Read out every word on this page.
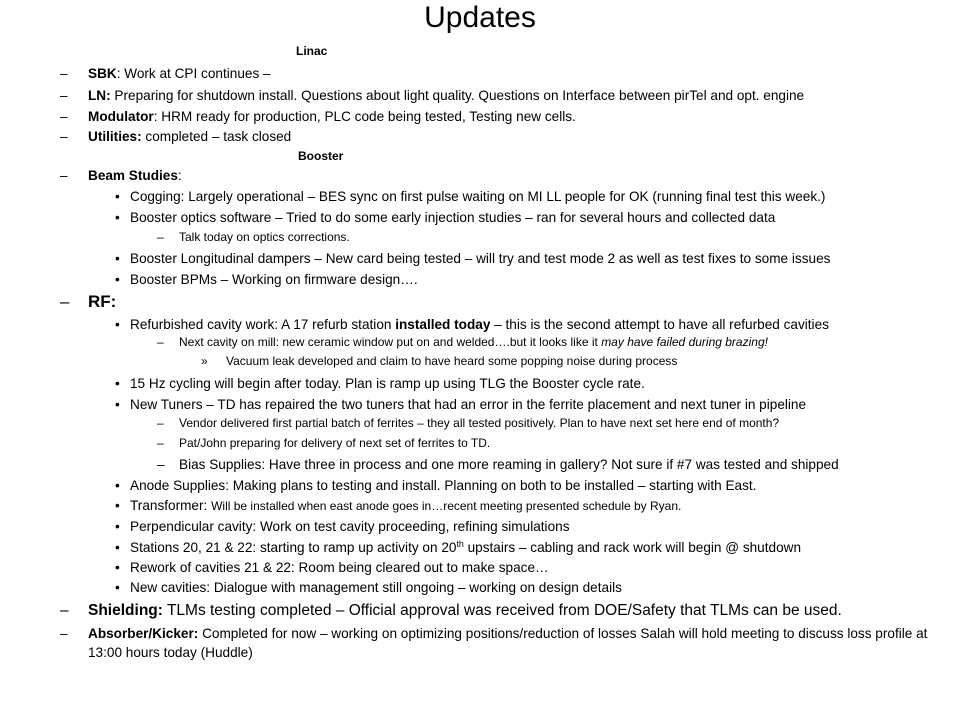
Updates
Linac
– SBK: Work at CPI continues –
– LN: Preparing for shutdown install. Questions about light quality. Questions on Interface between pirTel and opt. engine
– Modulator: HRM ready for production, PLC code being tested, Testing new cells.
– Utilities: completed – task closed
Booster
– Beam Studies:
• Cogging: Largely operational – BES sync on first pulse waiting on MI LL people for OK (running final test this week.)
• Booster optics software – Tried to do some early injection studies – ran for several hours and collected data
– Talk today on optics corrections.
• Booster Longitudinal dampers – New card being tested – will try and test mode 2 as well as test fixes to some issues
• Booster BPMs – Working on firmware design….
– RF:
• Refurbished cavity work: A 17 refurb station installed today – this is the second attempt to have all refurbed cavities
– Next cavity on mill: new ceramic window put on and welded….but it looks like it may have failed during brazing!
» Vacuum leak developed and claim to have heard some popping noise during process
• 15 Hz cycling will begin after today. Plan is ramp up using TLG the Booster cycle rate.
• New Tuners – TD has repaired the two tuners that had an error in the ferrite placement and next tuner in pipeline
– Vendor delivered first partial batch of ferrites – they all tested positively. Plan to have next set here end of month?
– Pat/John preparing for delivery of next set of ferrites to TD.
– Bias Supplies: Have three in process and one more reaming in gallery? Not sure if #7 was tested and shipped
• Anode Supplies: Making plans to testing and install. Planning on both to be installed – starting with East.
• Transformer: Will be installed when east anode goes in…recent meeting presented schedule by Ryan.
• Perpendicular cavity: Work on test cavity proceeding, refining simulations
• Stations 20, 21 & 22: starting to ramp up activity on 20th upstairs – cabling and rack work will begin @ shutdown
• Rework of cavities 21 & 22: Room being cleared out to make space…
• New cavities: Dialogue with management still ongoing – working on design details
– Shielding: TLMs testing completed – Official approval was received from DOE/Safety that TLMs can be used.
– Absorber/Kicker: Completed for now – working on optimizing positions/reduction of losses Salah will hold meeting to discuss loss profile at 13:00 hours today (Huddle)
